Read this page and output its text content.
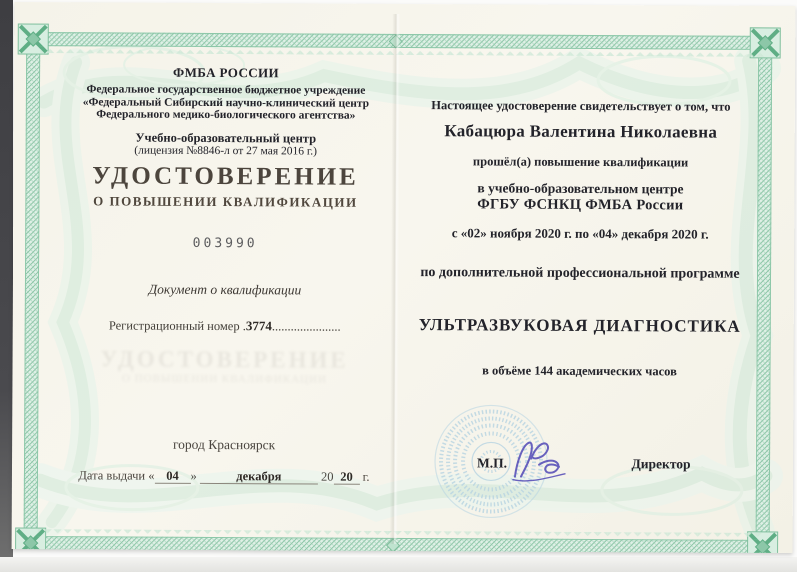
ФМБА РОССИИ
Федеральное государственное бюджетное учреждение
«Федеральный Сибирский научно-клинический центр
Федерального медико-биологического агентства»
Учебно-образовательный центр
(лицензия №8846-л от 27 мая 2016 г.)
УДОСТОВЕРЕНИЕ
О ПОВЫШЕНИИ КВАЛИФИКАЦИИ
003990
Документ о квалификации
Регистрационный номер .3774......................
УДОСТОВЕРЕНИЕ
О ПОВЫШЕНИИ КВАЛИФИКАЦИИ
город Красноярск
Дата выдачи « 04 »	декабря	20 20 г.
Настоящее удостоверение свидетельствует о том, что
Кабацюра Валентина Николаевна
прошёл(а) повышение квалификации
в учебно-образовательном центре
ФГБУ ФСНКЦ ФМБА России
с «02» ноября 2020 г. по «04» декабря 2020 г.
по дополнительной профессиональной программе
УЛЬТРАЗВУКОВАЯ ДИАГНОСТИКА
в объёме 144 академических часов
М.П.	Директор
